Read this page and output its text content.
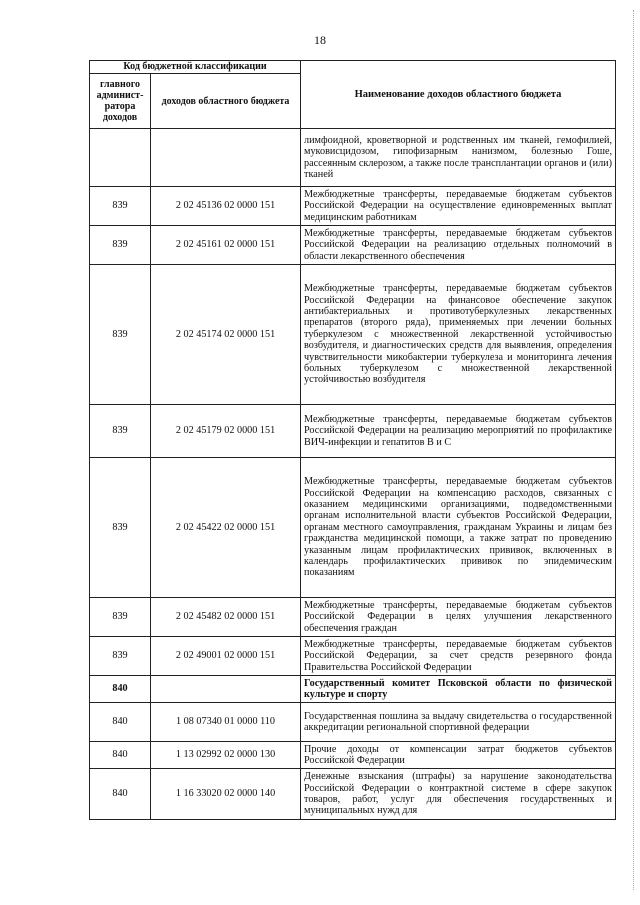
18
Код бюджетной классификации		Наименование доходов областного бюджета
главного админист-ратора доходов	доходов областного бюджета	
		лимфоидной, кроветворной и родственных им тканей, гемофилией, муковисцидозом, гипофизарным нанизмом, болезнью Гоше, рассеянным склерозом, а также после трансплантации органов и (или) тканей
839	2 02 45136 02 0000 151	Межбюджетные трансферты, передаваемые бюджетам субъектов Российской Федерации на осуществление единовременных выплат медицинским работникам
839	2 02 45161 02 0000 151	Межбюджетные трансферты, передаваемые бюджетам субъектов Российской Федерации на реализацию отдельных полномочий в области лекарственного обеспечения
839	2 02 45174 02 0000 151	Межбюджетные трансферты, передаваемые бюджетам субъектов Российской Федерации на финансовое обеспечение закупок антибактериальных и противотуберкулезных лекарственных препаратов (второго ряда), применяемых при лечении больных туберкулезом с множественной лекарственной устойчивостью возбудителя, и диагностических средств для выявления, определения чувствительности микобактерии туберкулеза и мониторинга лечения больных туберкулезом с множественной лекарственной устойчивостью возбудителя
839	2 02 45179 02 0000 151	Межбюджетные трансферты, передаваемые бюджетам субъектов Российской Федерации на реализацию мероприятий по профилактике ВИЧ-инфекции и гепатитов В и С
839	2 02 45422 02 0000 151	Межбюджетные трансферты, передаваемые бюджетам субъектов Российской Федерации на компенсацию расходов, связанных с оказанием медицинскими организациями, подведомственными органам исполнительной власти субъектов Российской Федерации, органам местного самоуправления, гражданам Украины и лицам без гражданства медицинской помощи, а также затрат по проведению указанным лицам профилактических прививок, включенных в календарь профилактических прививок по эпидемическим показаниям
839	2 02 45482 02 0000 151	Межбюджетные трансферты, передаваемые бюджетам субъектов Российской Федерации в целях улучшения лекарственного обеспечения граждан
839	2 02 49001 02 0000 151	Межбюджетные трансферты, передаваемые бюджетам субъектов Российской Федерации, за счет средств резервного фонда Правительства Российской Федерации
840		Государственный комитет Псковской области по физической культуре и спорту
840	1 08 07340 01 0000 110	Государственная пошлина за выдачу свидетельства о государственной аккредитации региональной спортивной федерации
840	1 13 02992 02 0000 130	Прочие доходы от компенсации затрат бюджетов субъектов Российской Федерации
840	1 16 33020 02 0000 140	Денежные взыскания (штрафы) за нарушение законодательства Российской Федерации о контрактной системе в сфере закупок товаров, работ, услуг для обеспечения государственных и муниципальных нужд для
